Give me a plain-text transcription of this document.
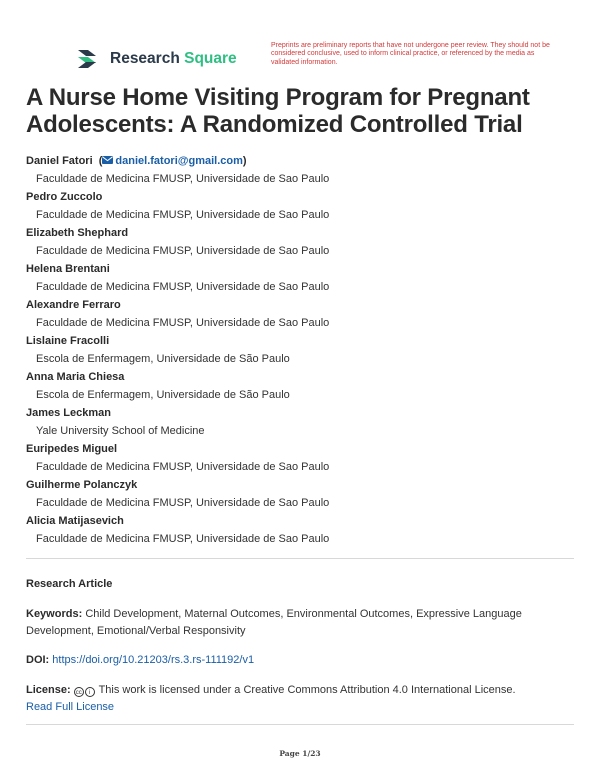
Research Square
Preprints are preliminary reports that have not undergone peer review. They should not be considered conclusive, used to inform clinical practice, or referenced by the media as validated information.
A Nurse Home Visiting Program for Pregnant Adolescents: A Randomized Controlled Trial
Daniel Fatori  ( daniel.fatori@gmail.com)
Faculdade de Medicina FMUSP, Universidade de Sao Paulo
Pedro Zuccolo
Faculdade de Medicina FMUSP, Universidade de Sao Paulo
Elizabeth Shephard
Faculdade de Medicina FMUSP, Universidade de Sao Paulo
Helena Brentani
Faculdade de Medicina FMUSP, Universidade de Sao Paulo
Alexandre Ferraro
Faculdade de Medicina FMUSP, Universidade de Sao Paulo
Lislaine Fracolli
Escola de Enfermagem, Universidade de São Paulo
Anna Maria Chiesa
Escola de Enfermagem, Universidade de São Paulo
James Leckman
Yale University School of Medicine
Euripedes Miguel
Faculdade de Medicina FMUSP, Universidade de Sao Paulo
Guilherme Polanczyk
Faculdade de Medicina FMUSP, Universidade de Sao Paulo
Alicia Matijasevich
Faculdade de Medicina FMUSP, Universidade de Sao Paulo
Research Article
Keywords: Child Development, Maternal Outcomes, Environmental Outcomes, Expressive Language Development, Emotional/Verbal Responsivity
DOI: https://doi.org/10.21203/rs.3.rs-111192/v1
License: cc i This work is licensed under a Creative Commons Attribution 4.0 International License.
Read Full License
Page 1/23
